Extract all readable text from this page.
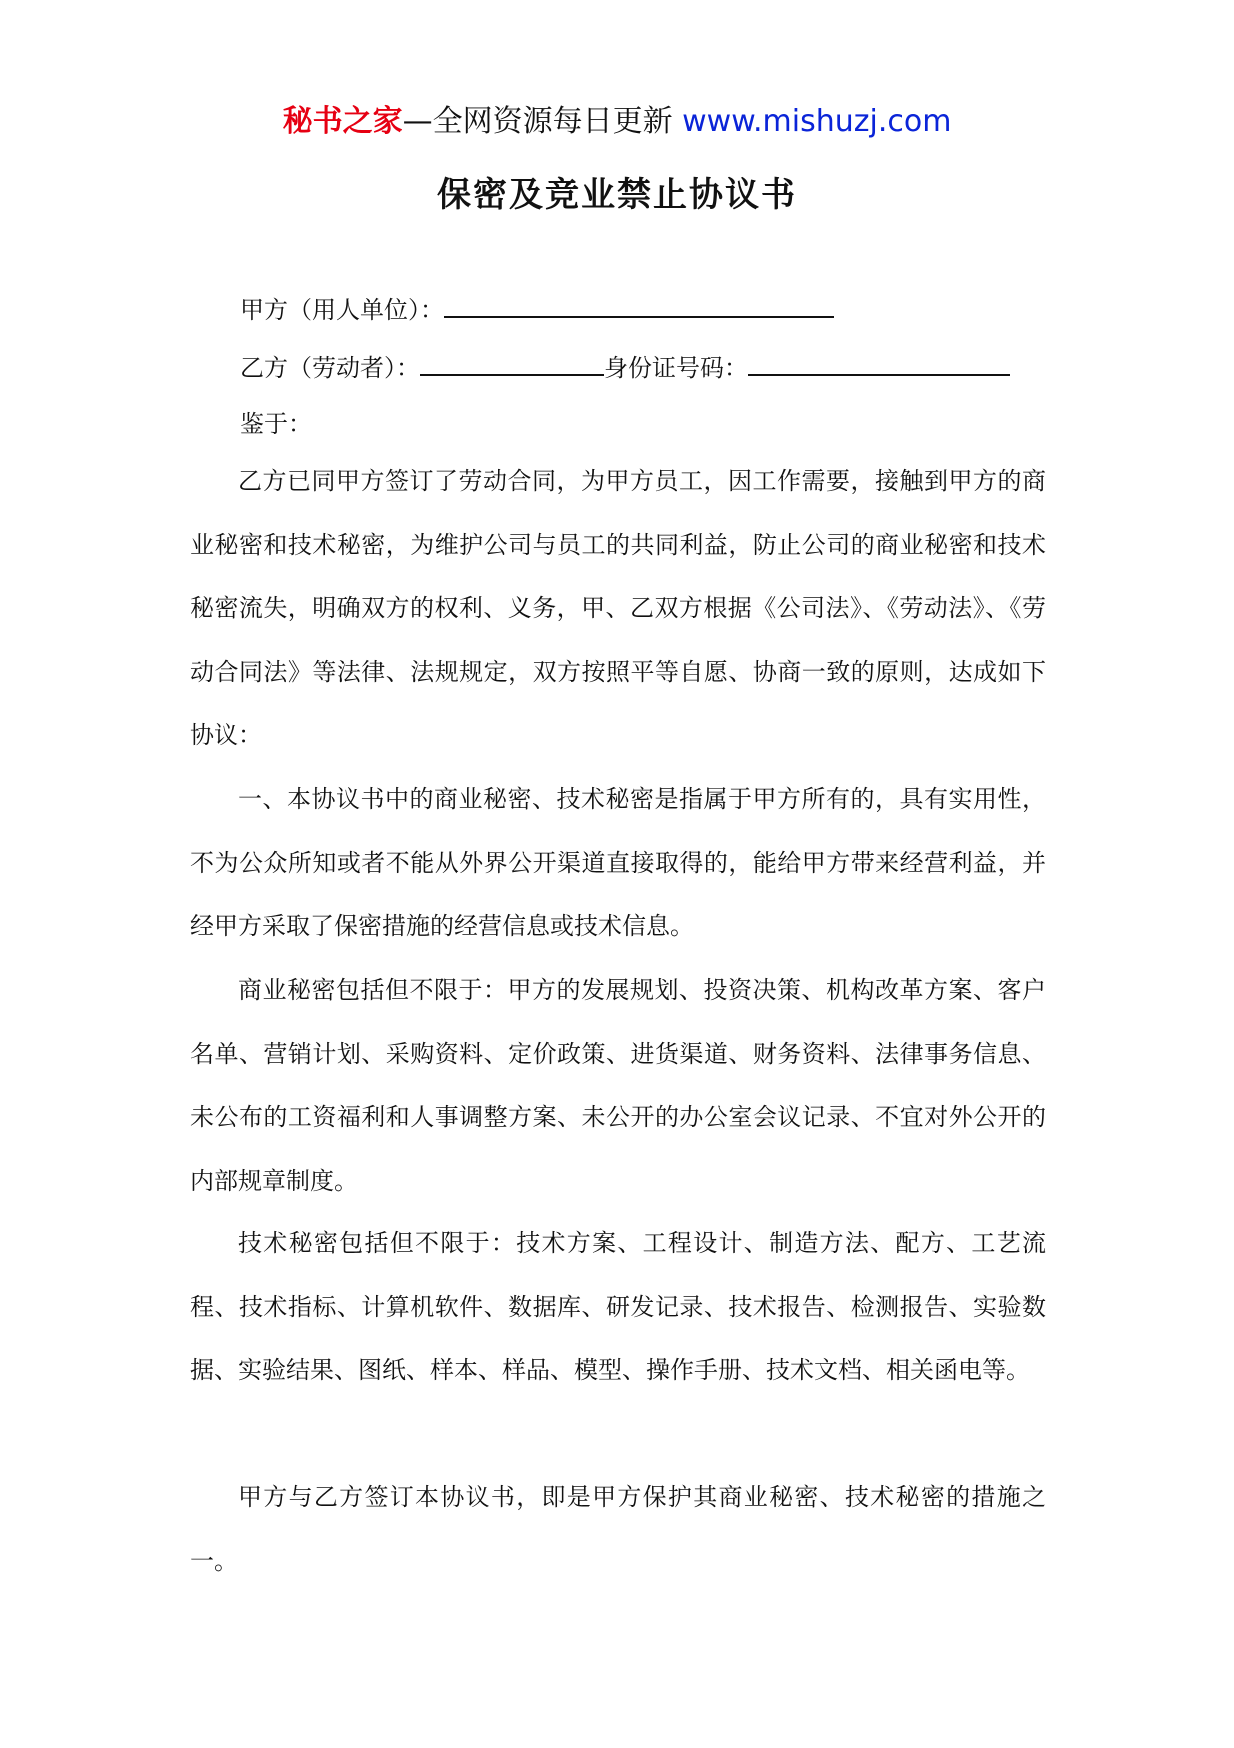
秘书之家—全网资源每日更新 www.mishuzj.com
保密及竞业禁止协议书
甲方（用人单位）：
乙方（劳动者）：	身份证号码：
鉴于：
乙方已同甲方签订了劳动合同，为甲方员工，因工作需要，接触到甲方的商业秘密和技术秘密，为维护公司与员工的共同利益，防止公司的商业秘密和技术秘密流失，明确双方的权利、义务，甲、乙双方根据《公司法》、《劳动法》、《劳动合同法》等法律、法规规定，双方按照平等自愿、协商一致的原则，达成如下协议：
一、本协议书中的商业秘密、技术秘密是指属于甲方所有的，具有实用性，不为公众所知或者不能从外界公开渠道直接取得的，能给甲方带来经营利益，并经甲方采取了保密措施的经营信息或技术信息。
商业秘密包括但不限于：甲方的发展规划、投资决策、机构改革方案、客户名单、营销计划、采购资料、定价政策、进货渠道、财务资料、法律事务信息、未公布的工资福利和人事调整方案、未公开的办公室会议记录、不宜对外公开的内部规章制度。
技术秘密包括但不限于：技术方案、工程设计、制造方法、配方、工艺流程、技术指标、计算机软件、数据库、研发记录、技术报告、检测报告、实验数据、实验结果、图纸、样本、样品、模型、操作手册、技术文档、相关函电等。
甲方与乙方签订本协议书，即是甲方保护其商业秘密、技术秘密的措施之一。
